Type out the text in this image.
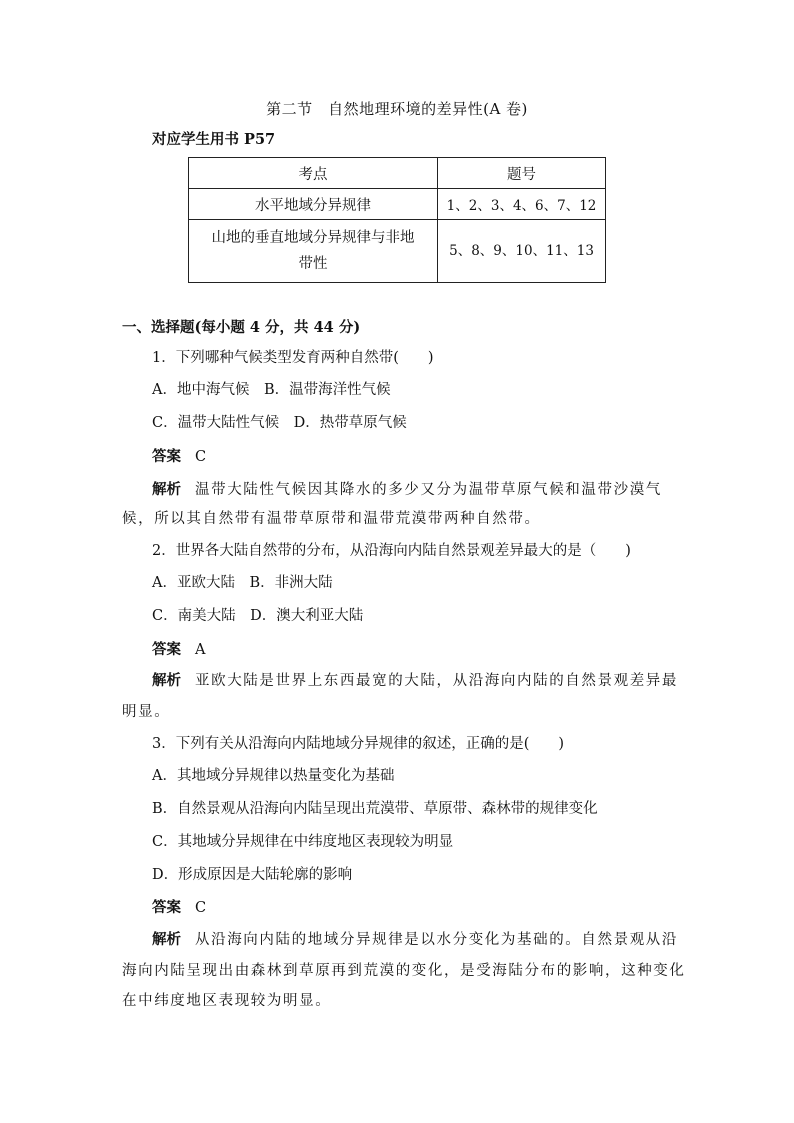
第二节　自然地理环境的差异性(A 卷)
对应学生用书 P57
考点	题号
水平地域分异规律	1、2、3、4、6、7、12

山地的垂直地域分异规律与非地
带性	5、8、9、10、11、13
一、选择题(每小题 4 分，共 44 分)
1．下列哪种气候类型发育两种自然带(　　)
A．地中海气候　B．温带海洋性气候
C．温带大陆性气候　D．热带草原气候
答案 C
解析 温带大陆性气候因其降水的多少又分为温带草原气候和温带沙漠气
候，所以其自然带有温带草原带和温带荒漠带两种自然带。
2．世界各大陆自然带的分布，从沿海向内陆自然景观差异最大的是（　　)
A．亚欧大陆　B．非洲大陆
C．南美大陆　D．澳大利亚大陆
答案 A
解析 亚欧大陆是世界上东西最宽的大陆，从沿海向内陆的自然景观差异最
明显。
3．下列有关从沿海向内陆地域分异规律的叙述，正确的是(　　)
A．其地域分异规律以热量变化为基础
B．自然景观从沿海向内陆呈现出荒漠带、草原带、森林带的规律变化
C．其地域分异规律在中纬度地区表现较为明显
D．形成原因是大陆轮廓的影响
答案 C
解析 从沿海向内陆的地域分异规律是以水分变化为基础的。自然景观从沿
海向内陆呈现出由森林到草原再到荒漠的变化，是受海陆分布的影响，这种变化
在中纬度地区表现较为明显。
